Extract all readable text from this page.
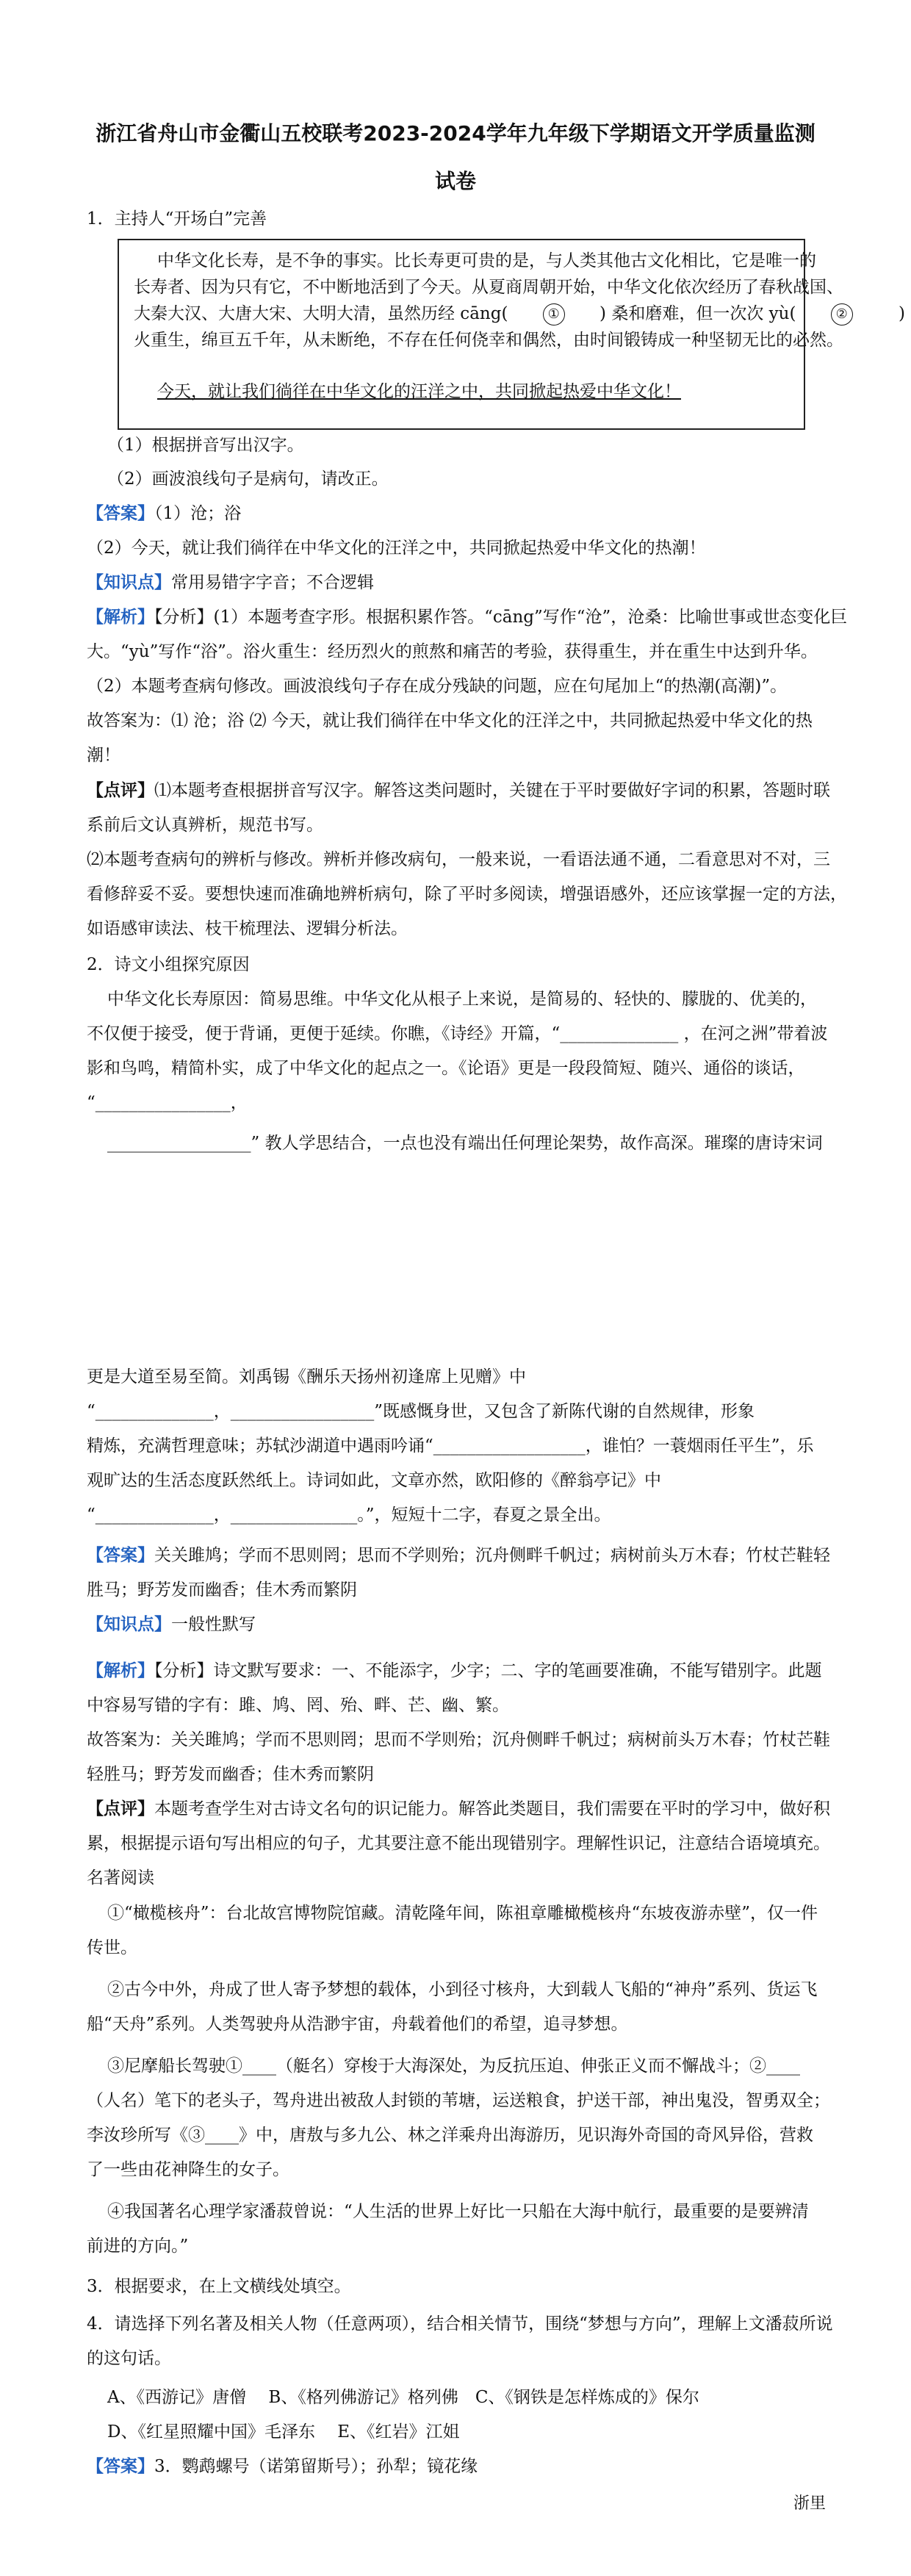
浙江省舟山市金衢山五校联考2023-2024学年九年级下学期语文开学质量监测
试卷
1．主持人“开场白”完善
中华文化长寿，是不争的事实。比长寿更可贵的是，与人类其他古文化相比，它是唯一的
长寿者、因为只有它，不中断地活到了今天。从夏商周朝开始，中华文化依次经历了春秋战国、
大秦大汉、大唐大宋、大明大清，虽然历经 cāng(	① ) 桑和磨难，但一次次 yù(	②	)
火重生，绵亘五千年，从未断绝，不存在任何侥幸和偶然，由时间锻铸成一种坚韧无比的必然。
今天，就让我们徜徉在中华文化的汪洋之中，共同掀起热爱中华文化！
（1）根据拼音写出汉字。
（2）画波浪线句子是病句，请改正。
【答案】（1）沧；浴
（2）今天，就让我们徜徉在中华文化的汪洋之中，共同掀起热爱中华文化的热潮！
【知识点】常用易错字字音；不合逻辑
【解析】【分析】(1）本题考查字形。根据积累作答。“cāng”写作“沧”，沧桑：比喻世事或世态变化巨
大。“yù”写作“浴”。浴火重生：经历烈火的煎熬和痛苦的考验，获得重生，并在重生中达到升华。
（2）本题考查病句修改。画波浪线句子存在成分残缺的问题，应在句尾加上“的热潮(高潮)”。
故答案为：⑴ 沧；浴 ⑵ 今天，就让我们徜徉在中华文化的汪洋之中，共同掀起热爱中华文化的热
潮！
【点评】⑴本题考查根据拼音写汉字。解答这类问题时，关键在于平时要做好字词的积累，答题时联
系前后文认真辨析，规范书写。
⑵本题考查病句的辨析与修改。辨析并修改病句，一般来说，一看语法通不通，二看意思对不对，三
看修辞妥不妥。要想快速而准确地辨析病句，除了平时多阅读，增强语感外，还应该掌握一定的方法，
如语感审读法、枝干梳理法、逻辑分析法。
2．诗文小组探究原因
中华文化长寿原因：简易思维。中华文化从根子上来说，是简易的、轻快的、朦胧的、优美的，
不仅便于接受，便于背诵，更便于延续。你瞧，《诗经》开篇，“______________ ，在河之洲”带着波
影和鸟鸣，精简朴实，成了中华文化的起点之一。《论语》更是一段段简短、随兴、通俗的谈话，
“________________，
_________________” 教人学思结合，一点也没有端出任何理论架势，故作高深。璀璨的唐诗宋词
更是大道至易至简。刘禹锡《酬乐天扬州初逢席上见赠》中
“______________，_________________”既感慨身世，又包含了新陈代谢的自然规律，形象
精炼，充满哲理意味；苏轼沙湖道中遇雨吟诵“__________________，谁怕？一蓑烟雨任平生”，乐
观旷达的生活态度跃然纸上。诗词如此，文章亦然，欧阳修的《醉翁亭记》中
“______________，_______________。”，短短十二字，春夏之景全出。
【答案】关关雎鸠；学而不思则罔；思而不学则殆；沉舟侧畔千帆过；病树前头万木春；竹杖芒鞋轻
胜马；野芳发而幽香；佳木秀而繁阴
【知识点】一般性默写
【解析】【分析】诗文默写要求：一、不能添字，少字；二、字的笔画要准确，不能写错别字。此题
中容易写错的字有：雎、鸠、罔、殆、畔、芒、幽、繁。
故答案为：关关雎鸠；学而不思则罔；思而不学则殆；沉舟侧畔千帆过；病树前头万木春；竹杖芒鞋
轻胜马；野芳发而幽香；佳木秀而繁阴
【点评】本题考查学生对古诗文名句的识记能力。解答此类题目，我们需要在平时的学习中，做好积
累，根据提示语句写出相应的句子，尤其要注意不能出现错别字。理解性识记，注意结合语境填充。
名著阅读
①“橄榄核舟”：台北故宫博物院馆藏。清乾隆年间，陈祖章雕橄榄核舟“东坡夜游赤壁”，仅一件
传世。
②古今中外，舟成了世人寄予梦想的载体，小到径寸核舟，大到载人飞船的“神舟”系列、货运飞
船“天舟”系列。人类驾驶舟从浩渺宇宙，舟载着他们的希望，追寻梦想。
③尼摩船长驾驶①____（艇名）穿梭于大海深处，为反抗压迫、伸张正义而不懈战斗；②____
（人名）笔下的老头子，驾舟进出被敌人封锁的苇塘，运送粮食，护送干部，神出鬼没，智勇双全；
李汝珍所写《③____》中，唐敖与多九公、林之洋乘舟出海游历，见识海外奇国的奇风异俗，营救
了一些由花神降生的女子。
④我国著名心理学家潘菽曾说：“人生活的世界上好比一只船在大海中航行，最重要的是要辨清
前进的方向。”
3．根据要求，在上文横线处填空。
4．请选择下列名著及相关人物（任意两项），结合相关情节，围绕“梦想与方向”，理解上文潘菽所说
的这句话。
A、《西游记》唐僧　 B、《格列佛游记》格列佛　C、《钢铁是怎样炼成的》保尔
D、《红星照耀中国》毛泽东　 E、《红岩》江姐
【答案】3．鹦鹉螺号（诺第留斯号）；孙犁；镜花缘
浙里
